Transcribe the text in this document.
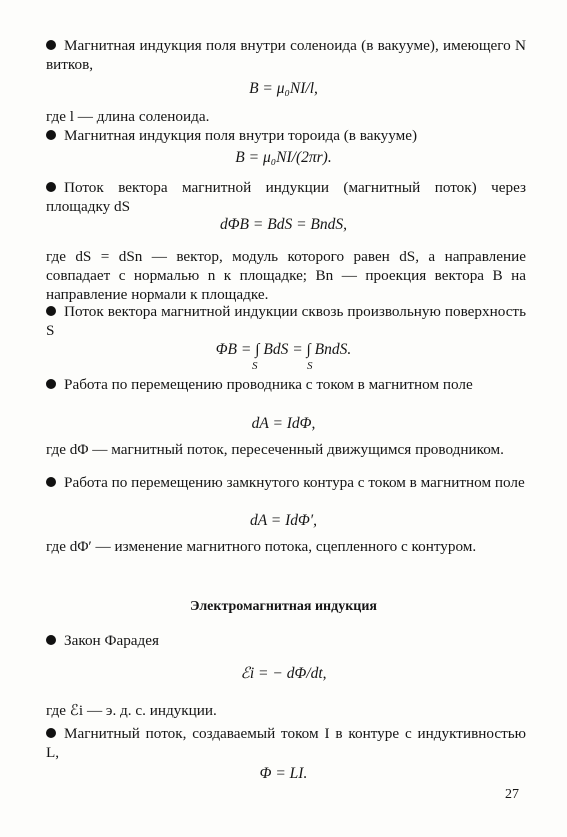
Магнитная индукция поля внутри соленоида (в вакууме), имеющего N витков,

B = μ₀NI/l,

где l — длина соленоида.

Магнитная индукция поля внутри тороида (в вакууме)

B = μ₀NI/(2πr).

Поток вектора магнитной индукции (магнитный поток) через площадку dS

dΦB = BdS = BndS,

где dS = dSn — вектор, модуль которого равен dS, а направление совпадает с нормалью n к площадке; Bn — проекция вектора B на направление нормали к площадке.

Поток вектора магнитной индукции сквозь произвольную поверхность S

ΦB = ∫ BdS = ∫ BndS.
S	S

Работа по перемещению проводника с током в магнитном поле

dA = IdΦ,

где dΦ — магнитный поток, пересеченный движущимся проводником.

Работа по перемещению замкнутого контура с током в магнитном поле

dA = IdΦ′,

где dΦ′ — изменение магнитного потока, сцепленного с контуром.

Электромагнитная индукция

Закон Фарадея

ℰi = − dΦ/dt,

где ℰi — э. д. с. индукции.

Магнитный поток, создаваемый током I в контуре с индуктивностью L,

Φ = LI.
27
